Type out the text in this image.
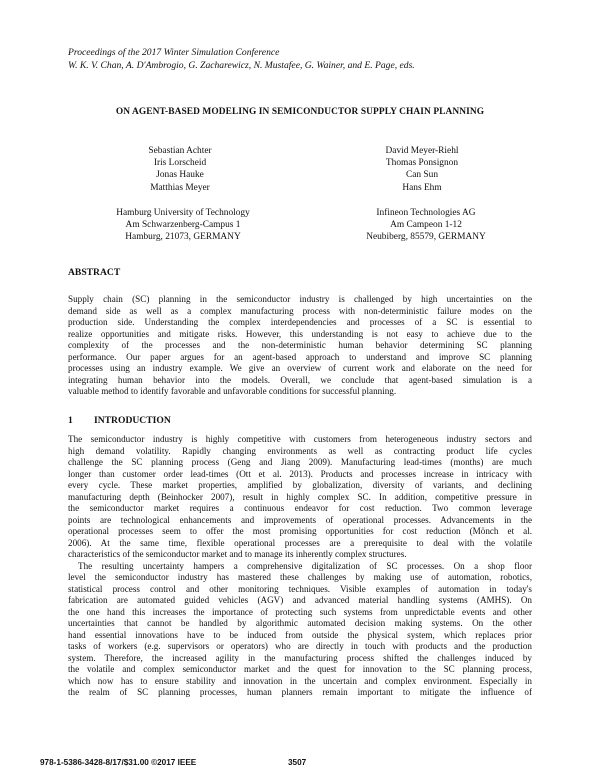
Proceedings of the 2017 Winter Simulation Conference
W. K. V. Chan, A. D'Ambrogio, G. Zacharewicz, N. Mustafee, G. Wainer, and E. Page, eds.
ON AGENT-BASED MODELING IN SEMICONDUCTOR SUPPLY CHAIN PLANNING
Sebastian Achter
Iris Lorscheid
Jonas Hauke
Matthias Meyer
David Meyer-Riehl
Thomas Ponsignon
Can Sun
Hans Ehm
Hamburg University of Technology
Am Schwarzenberg-Campus 1
Hamburg, 21073, GERMANY
Infineon Technologies AG
Am Campeon 1-12
Neubiberg, 85579, GERMANY
ABSTRACT
Supply chain (SC) planning in the semiconductor industry is challenged by high uncertainties on the
demand side as well as a complex manufacturing process with non-deterministic failure modes on the
production side. Understanding the complex interdependencies and processes of a SC is essential to
realize opportunities and mitigate risks. However, this understanding is not easy to achieve due to the
complexity of the processes and the non-deterministic human behavior determining SC planning
performance. Our paper argues for an agent-based approach to understand and improve SC planning
processes using an industry example. We give an overview of current work and elaborate on the need for
integrating human behavior into the models. Overall, we conclude that agent-based simulation is a
valuable method to identify favorable and unfavorable conditions for successful planning.
1 INTRODUCTION
The semiconductor industry is highly competitive with customers from heterogeneous industry sectors and
high demand volatility. Rapidly changing environments as well as contracting product life cycles
challenge the SC planning process (Geng and Jiang 2009). Manufacturing lead-times (months) are much
longer than customer order lead-times (Ott et al. 2013). Products and processes increase in intricacy with
every cycle. These market properties, amplified by globalization, diversity of variants, and declining
manufacturing depth (Beinhocker 2007), result in highly complex SC. In addition, competitive pressure in
the semiconductor market requires a continuous endeavor for cost reduction. Two common leverage
points are technological enhancements and improvements of operational processes. Advancements in the
operational processes seem to offer the most promising opportunities for cost reduction (Mönch et al.
2006). At the same time, flexible operational processes are a prerequisite to deal with the volatile
characteristics of the semiconductor market and to manage its inherently complex structures.
The resulting uncertainty hampers a comprehensive digitalization of SC processes. On a shop floor
level the semiconductor industry has mastered these challenges by making use of automation, robotics,
statistical process control and other monitoring techniques. Visible examples of automation in today's
fabrication are automated guided vehicles (AGV) and advanced material handling systems (AMHS). On
the one hand this increases the importance of protecting such systems from unpredictable events and other
uncertainties that cannot be handled by algorithmic automated decision making systems. On the other
hand essential innovations have to be induced from outside the physical system, which replaces prior
tasks of workers (e.g. supervisors or operators) who are directly in touch with products and the production
system. Therefore, the increased agility in the manufacturing process shifted the challenges induced by
the volatile and complex semiconductor market and the quest for innovation to the SC planning process,
which now has to ensure stability and innovation in the uncertain and complex environment. Especially in
the realm of SC planning processes, human planners remain important to mitigate the influence of
978-1-5386-3428-8/17/$31.00 ©2017 IEEE	3507
